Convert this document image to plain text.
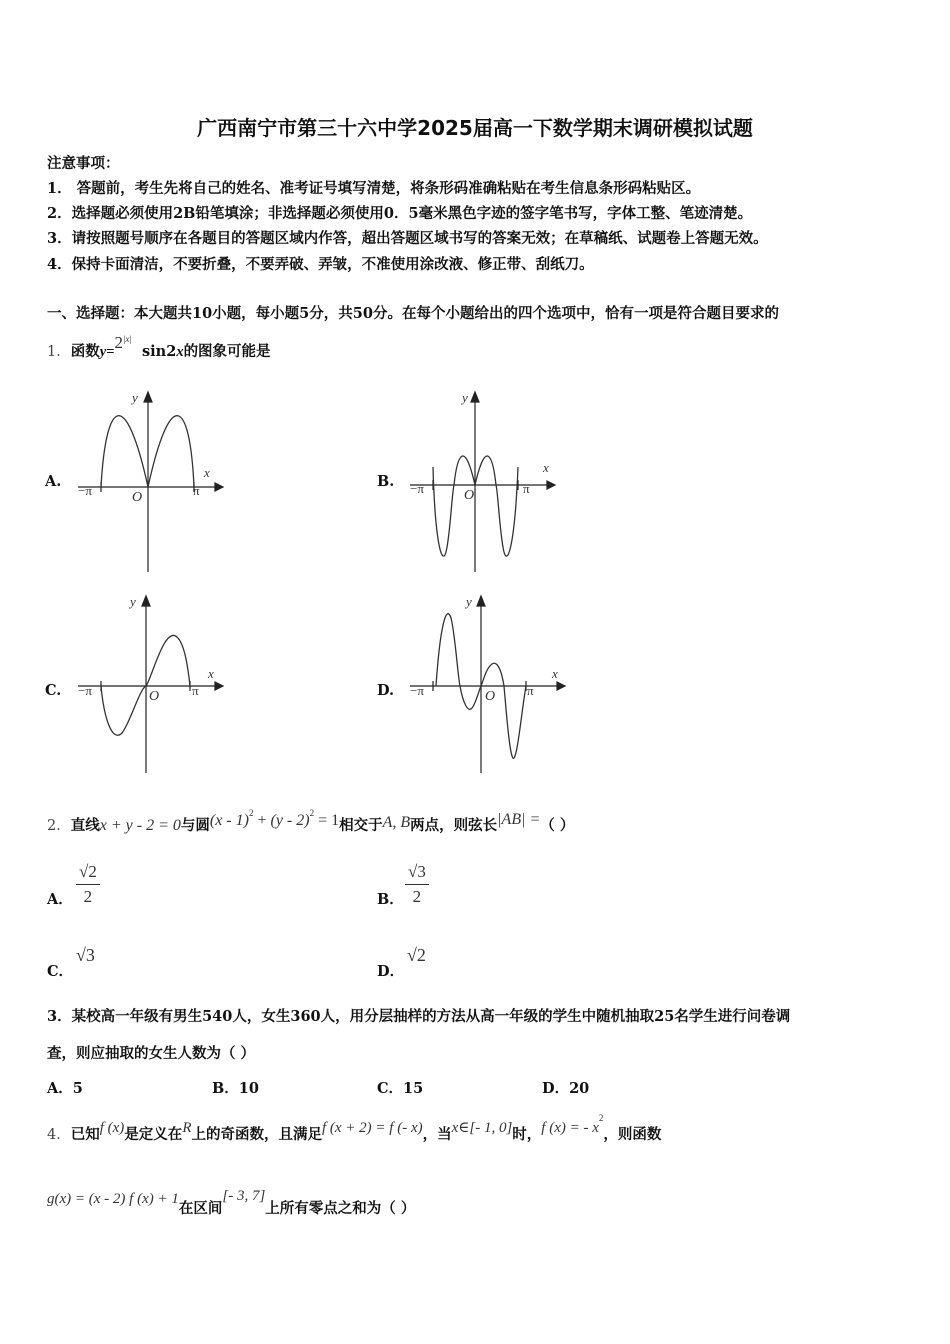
广西南宁市第三十六中学2025届高一下数学期末调研模拟试题
注意事项：
1． 答题前，考生先将自己的姓名、准考证号填写清楚，将条形码准确粘贴在考生信息条形码粘贴区。
2．选择题必须使用2B铅笔填涂；非选择题必须使用0．5毫米黑色字迹的签字笔书写，字体工整、笔迹清楚。
3．请按照题号顺序在各题目的答题区域内作答，超出答题区域书写的答案无效；在草稿纸、试题卷上答题无效。
4．保持卡面清洁，不要折叠，不要弄破、弄皱，不准使用涂改液、修正带、刮纸刀。
一、选择题：本大题共10小题，每小题5分，共50分。在每个小题给出的四个选项中，恰有一项是符合题目要求的
1．函数$y=2^{|x|}$  sin2x的图象可能是
A.	B.
C.	D.
y
x
O
−π	π
y
x
O
−π	π
y
x
O
−π	π
y
x
O
−π	π
2．直线x + y - 2 = 0与圆(x - 1)$^2$ + (y - 2)$^2$ = 1相交于A, B两点，则弦长|AB| =（ ）
A． $\frac{√2}{2}$	B． $\frac{√3}{2}$
C．
√3
D．
√2
3．某校高一年级有男生540人，女生360人，用分层抽样的方法从高一年级的学生中随机抽取25名学生进行问卷调
查，则应抽取的女生人数为（ ）
A．5	B．10	C．15	D．20
4．已知f (x)是定义在R上的奇函数，且满足f (x + 2) = f (- x)，当x∈[- 1, 0]时，f (x) = - $x^2$，则函数
g(x) = (x - 2) f (x) + 1在区间[- 3, 7]上所有零点之和为（ ）
